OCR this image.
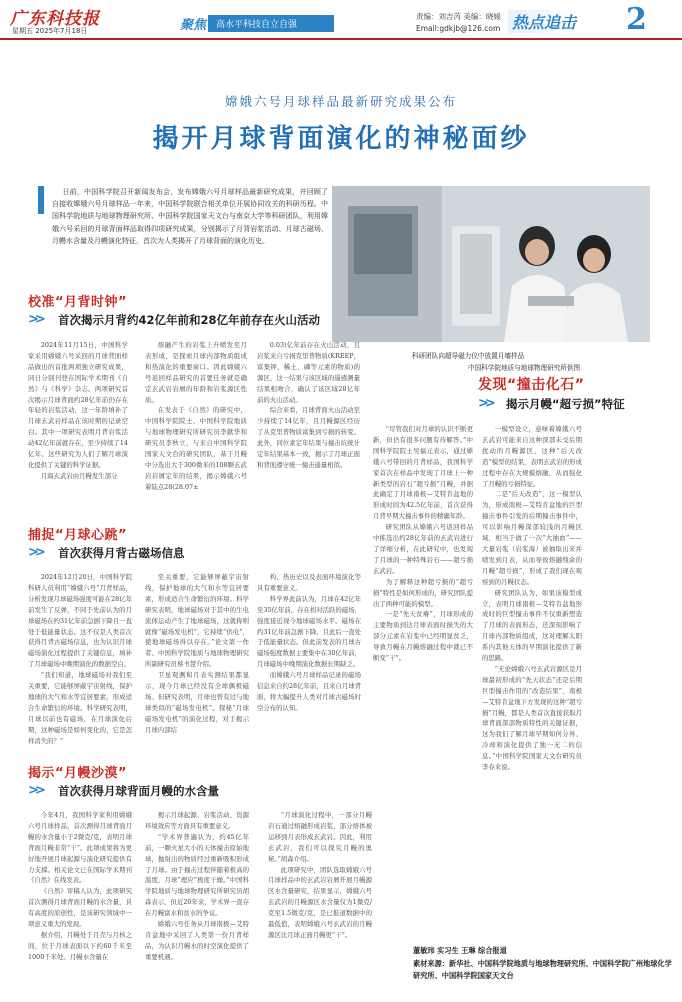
广东科技报
星期五 2025年7月18日	聚焦	高水平科技自立自强
责编：刘吉芮 美编：晓媛
Email:gdkjb@126.com 热点追击 2
嫦娥六号月球样品最新研究成果公布
揭开月球背面演化的神秘面纱
日前，中国科学院召开新闻发布会，发布嫦娥六号月球样品最新研究成果，并回顾了自接收嫦娥六号月球样品一年来，中国科学院联合相关单位开展协同攻关的科研历程。中国科学院地质与地球物理研究所、中国科学院国家天文台与南京大学等科研团队，利用嫦娥六号采回的月球背面样品取得四项研究成果，分别揭示了月背岩浆活动、月球古磁场、月幔水含量及月幔演化特征，首次为人类揭开了月球背面的演化历史。
科研团队向超导磁力仪中放置月壤样品
中国科学院地质与地球物理研究所供图
校准“月背时钟”
>> 首次揭示月背约42亿年前和28亿年前存在火山活动

2024年11月15日，中国科学家采用嫦娥六号采回的月球背面样品做出的首批两项独立研究成果，同日分别刊登在国际学术期刊《自然》与《科学》杂志。两项研究首次揭示月球背面约28亿年前仍存在年轻的岩浆活动，这一年龄填补了月球玄武岩样品在该时期的记录空白。其中一项研究表明月背岩浆活动42亿年前就存在，至少持续了14亿年。这些研究为人们了解月球演化提供了关键的科学证据。

月海玄武岩由月幔发生部分

熔融产生的岩浆上升喷发至月表形成，是探索月球内部物质组成和热演化的重要窗口。因此嫦娥六号返回样品研究的首要任务就是确定玄武岩岩屑的年龄和岩浆源区性质。

在发表于《自然》的研究中，中国科学院院士、中国科学院地质与地球物理研究所研究员李献华和研究员李秋立，与来自中国科学院国家天文台的研究团队，基于月幔中分选出大于300微米的108颗玄武岩岩屑定年的结果，揭示嫦娥六号着陆点28(28.07±

0.03)亿年前存在火山活动，且岩浆来自亏损克里普物质(KREEP，富集钾、稀土、磷等元素的物质)的源区，这一结果与该区域的遥感测量结果相吻合，确认了该区域28亿年前的火山活动。

综合来看，月球背面火山活动至少持续了14亿年，且月幔源区经历了从克里普物质富集到亏损的转变。此外，同位素定年结果与撞击坑统计定年结果基本一致，揭示了月球正面和背面遵守统一撞击通量相似。

捕捉“月球心跳”
>> 首次获得月背古磁场信息

2024年12月20日，中国科学院科研人员利用“嫦娥六号”月背样品，分析发现月球磁场强度可能在28亿年前发生了反弹，不同于先前认为的月球磁场在约31亿年前急剧下降且一直处于低能量状态。这不仅是人类首次获得月背古磁场信息，也为认识月球磁场演化过程提供了关键信息，填补了月球磁场中晚期演化的数据空白。

“我们知道，地球磁场对我们至关重要，它能够屏蔽宇宙射线，保护地球的大气和水等宜居要素，形成适合生命繁衍的环境。科学研究表明，月球以前也有磁场，在月球演化后期，这种磁场是如何变化的，它是怎样消失的？”

至关重要，它能够屏蔽宇宙射线，保护地球的大气和水等宜居要素，形成适合生命繁衍的环境。科学研究表明，地球磁场对于其中的生电流体运动产生了地球磁场，这就称则就像“磁场发电机”，它持续“供电”，使地球磁场得以存在。”论文第一作者、中国科学院地质与地球物理研究所副研究员蔡书慧介绍。

卫星观测和月表实测结果都显示，现今月球已经没有全球偶极磁场。但研究表明，月球也曾有过与地球类似的“磁场发电机”。探秘“月球磁场发电机”的演化过程，对于揭示月球内部结

构、热历史以及表面环境演化等具有重要意义。

科学界此前认为，月球在42亿年至35亿年前，存在相对活跃的磁场，强度接近现今地球磁场水平。磁场在约31亿年前急剧下降，且此后一直处于低能量状态。但此前发表的月球古磁场强度数据主要集中在30亿年前，月球磁场中晚期演化数据长期缺乏。

而嫦娥六号月球样品记录的磁场信息来自约28亿年前，且来自月球背面，将大幅提升人类对月球古磁场时空分布的认知。

揭示“月幔沙漠”
>> 首次获得月球背面月幔的水含量

今年4月，我国科学家利用嫦娥六号月球样品，首次测得月球背面月幔的水含量小于2微克/克，表明月球背面月幔非常“干”。此项成果将为更好地开展月球起源与演化研究提供有力支撑。相关论文已在国际学术期刊《自然》在线发表。

《自然》审稿人认为，此项研究首次测得月球背面月幔的水含量，具有高度的原创性，是该研究领域中一项意义重大的发现。

据介绍，月幔处于月壳与月核之间，位于月球表面以下约60千米至1000千米处。月幔水含量在

揭示月球起源、岩浆活动、资源环境效应等方面具有重要意义。

“学术界普遍认为，约45亿年前，一颗火星大小的天体撞击原始地球，抛射出的物质经过重新吸积形成了月球。由于撞击过程伴随着极高的温度，月球“理应”极度干燥。”中国科学院地质与地球物理研究所研究员胡森表示，但近20年来，学术界一直存在月幔富水和贫水的争议。

嫦娥六号任务从月球南极—艾特肯盆地中采回了人类第一份月背样品，为认识月幔水的时空演化提供了重要机遇。

“月球演化过程中，一部分月幔岩石通过熔融形成岩浆，部分熔体被运移到月表形成玄武岩。因此，利用玄武岩，我们可以探究月幔的奥秘。”胡森介绍。

此项研究中，团队选取嫦娥六号月球样品中的玄武岩岩屑开展月幔源区水含量研究，结果显示，嫦娥六号玄武岩的月幔源区水含量仅为1微克/克至1.5微克/克，是已报道数据中的最低值，表明嫦娥六号玄武岩的月幔源区比月球正面月幔更“干”。

发现“撞击化石”
>> 揭示月幔“超亏损”特征

“尽管我们对月球的认识不断更新，但仍有很多问题有待解答。”中国科学院院士吴福元表示，通过嫦娥六号带回的月背样品，我国科学家首次在样品中发现了月球上一种新类型的岩石“超亏损”月幔，并据此确定了月球南极—艾特肯盆地的形成时间为42.5亿年前，首次获得月背早期大撞击事件的精确年龄。

研究团队从嫦娥六号返回样品中拣选出约28亿年前的玄武岩进行了详细分析，在此研究中，也发现了月球的一种特殊岩石——超亏损玄武岩。

为了解释这种超亏损的“超亏损”特性是如何形成的，研究团队提出了两种可能的模型。

一是“先天贫瘠”，月球形成的主要物质到达月球表面时损失的大部分元素在岩浆中已经明显贫乏，导致月幔在月幔熔融过程中就已不断变“干”。

一模型设立，意味着嫦娥六号玄武岩可能来自这种深部未受后期扰动的月幔源区，这种“后天改造”模型的结果，表明玄武岩的形成过程中存在大规模熔融，从而强化了月幔的亏损特征。

二是“后天改造”，这一模型认为，形成南极—艾特肯盆地的巨型撞击事件引发的后期撞击事件中，可以影响月幔深部较浅的月幔区域，相当于做了一次“大抽血”——大量岩浆（岩浆海）被抽取出来并喷发到月表，从而导致熔融残余的月幔“超亏损”，形成了我们现在观察到的月幔状态。

研究团队认为，如果该模型成立，表明月球南极—艾特肯盆地形成时的巨型撞击事件不仅重新塑造了月球的表面形态，还深刻影响了月球内部物质组成，这对理解太阳系内其他天体的早期演化提供了新的思路。

“无论嫦娥六号玄武岩源区是月球最初形成的“先天状态”还是后期巨型撞击作用的“改造结果”，南极—艾特肯盆地下方发现的这种“超亏损”月幔，都是人类首次直接获取月球背面深部物质特性的关键证据，这为我们了解月球早期如何分异、冷却和演化提供了独一无二的信息。”中国科学院国家天文台研究员李春来说。

董敏玮 实习生 王琳 综合报道
素材来源：新华社、中国科学院地质与地球物理研究所、中国科学院广州地球化学研究所、中国科学院国家天文台
